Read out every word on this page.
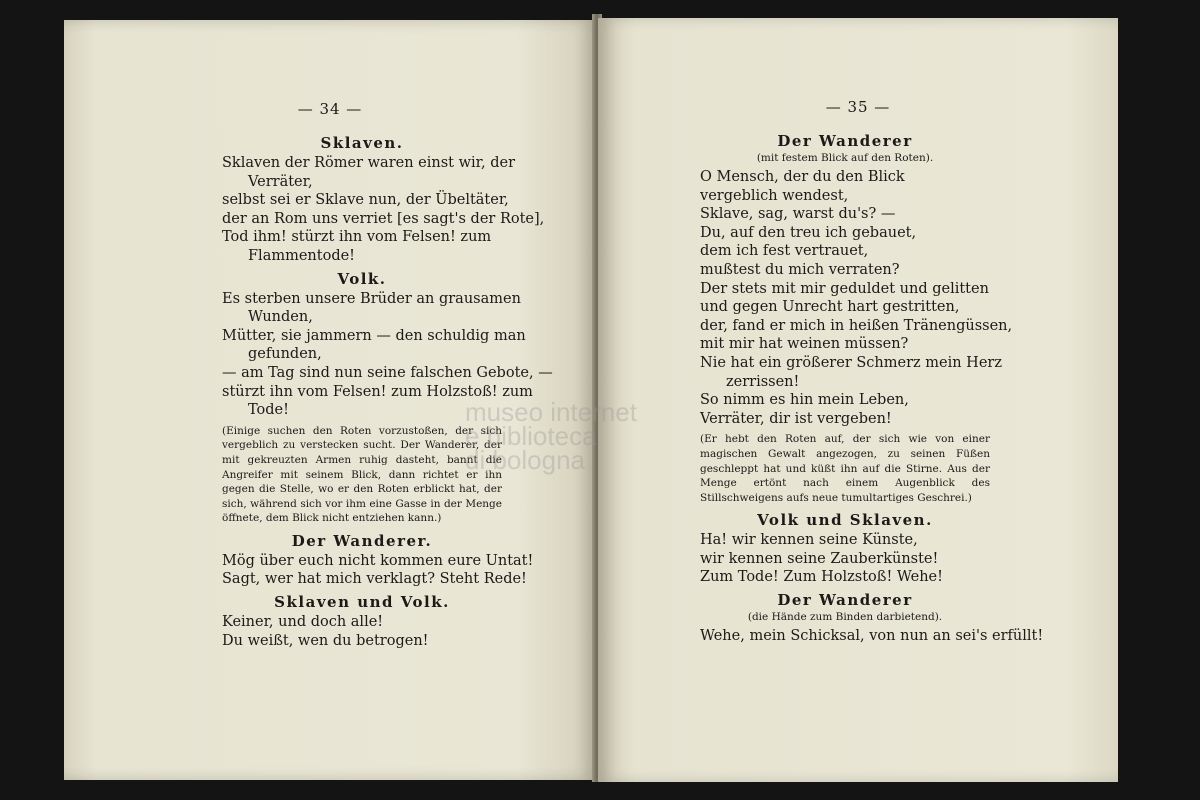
— 34 —
Sklaven.
Sklaven der Römer waren einst wir, der
Verräter,
selbst sei er Sklave nun, der Übeltäter,
der an Rom uns verriet [es sagt's der Rote],
Tod ihm! stürzt ihn vom Felsen! zum
Flammentode!
Volk.
Es sterben unsere Brüder an grausamen
Wunden,
Mütter, sie jammern — den schuldig man
gefunden,
— am Tag sind nun seine falschen Gebote, —
stürzt ihn vom Felsen! zum Holzstoß! zum
Tode!
(Einige suchen den Roten vorzustoßen, der sich vergeblich zu verstecken sucht. Der Wanderer, der mit gekreuzten Armen ruhig dasteht, bannt die Angreifer mit seinem Blick, dann richtet er ihn gegen die Stelle, wo er den Roten erblickt hat, der sich, während sich vor ihm eine Gasse in der Menge öffnete, dem Blick nicht entziehen kann.)
Der Wanderer.
Mög über euch nicht kommen eure Untat!
Sagt, wer hat mich verklagt? Steht Rede!
Sklaven und Volk.
Keiner, und doch alle!
Du weißt, wen du betrogen!
— 35 —
Der Wanderer
(mit festem Blick auf den Roten).
O Mensch, der du den Blick
vergeblich wendest,
Sklave, sag, warst du's? —
Du, auf den treu ich gebauet,
dem ich fest vertrauet,
mußtest du mich verraten?
Der stets mit mir geduldet und gelitten
und gegen Unrecht hart gestritten,
der, fand er mich in heißen Tränengüssen,
mit mir hat weinen müssen?
Nie hat ein größerer Schmerz mein Herz
zerrissen!
So nimm es hin mein Leben,
Verräter, dir ist vergeben!
(Er hebt den Roten auf, der sich wie von einer magischen Gewalt angezogen, zu seinen Füßen geschleppt hat und küßt ihn auf die Stirne. Aus der Menge ertönt nach einem Augenblick des Stillschweigens aufs neue tumultartiges Geschrei.)
Volk und Sklaven.
Ha! wir kennen seine Künste,
wir kennen seine Zauberkünste!
Zum Tode! Zum Holzstoß! Wehe!
Der Wanderer
(die Hände zum Binden darbietend).
Wehe, mein Schicksal, von nun an sei's erfüllt!
museo internet
e biblioteca
di bologna
